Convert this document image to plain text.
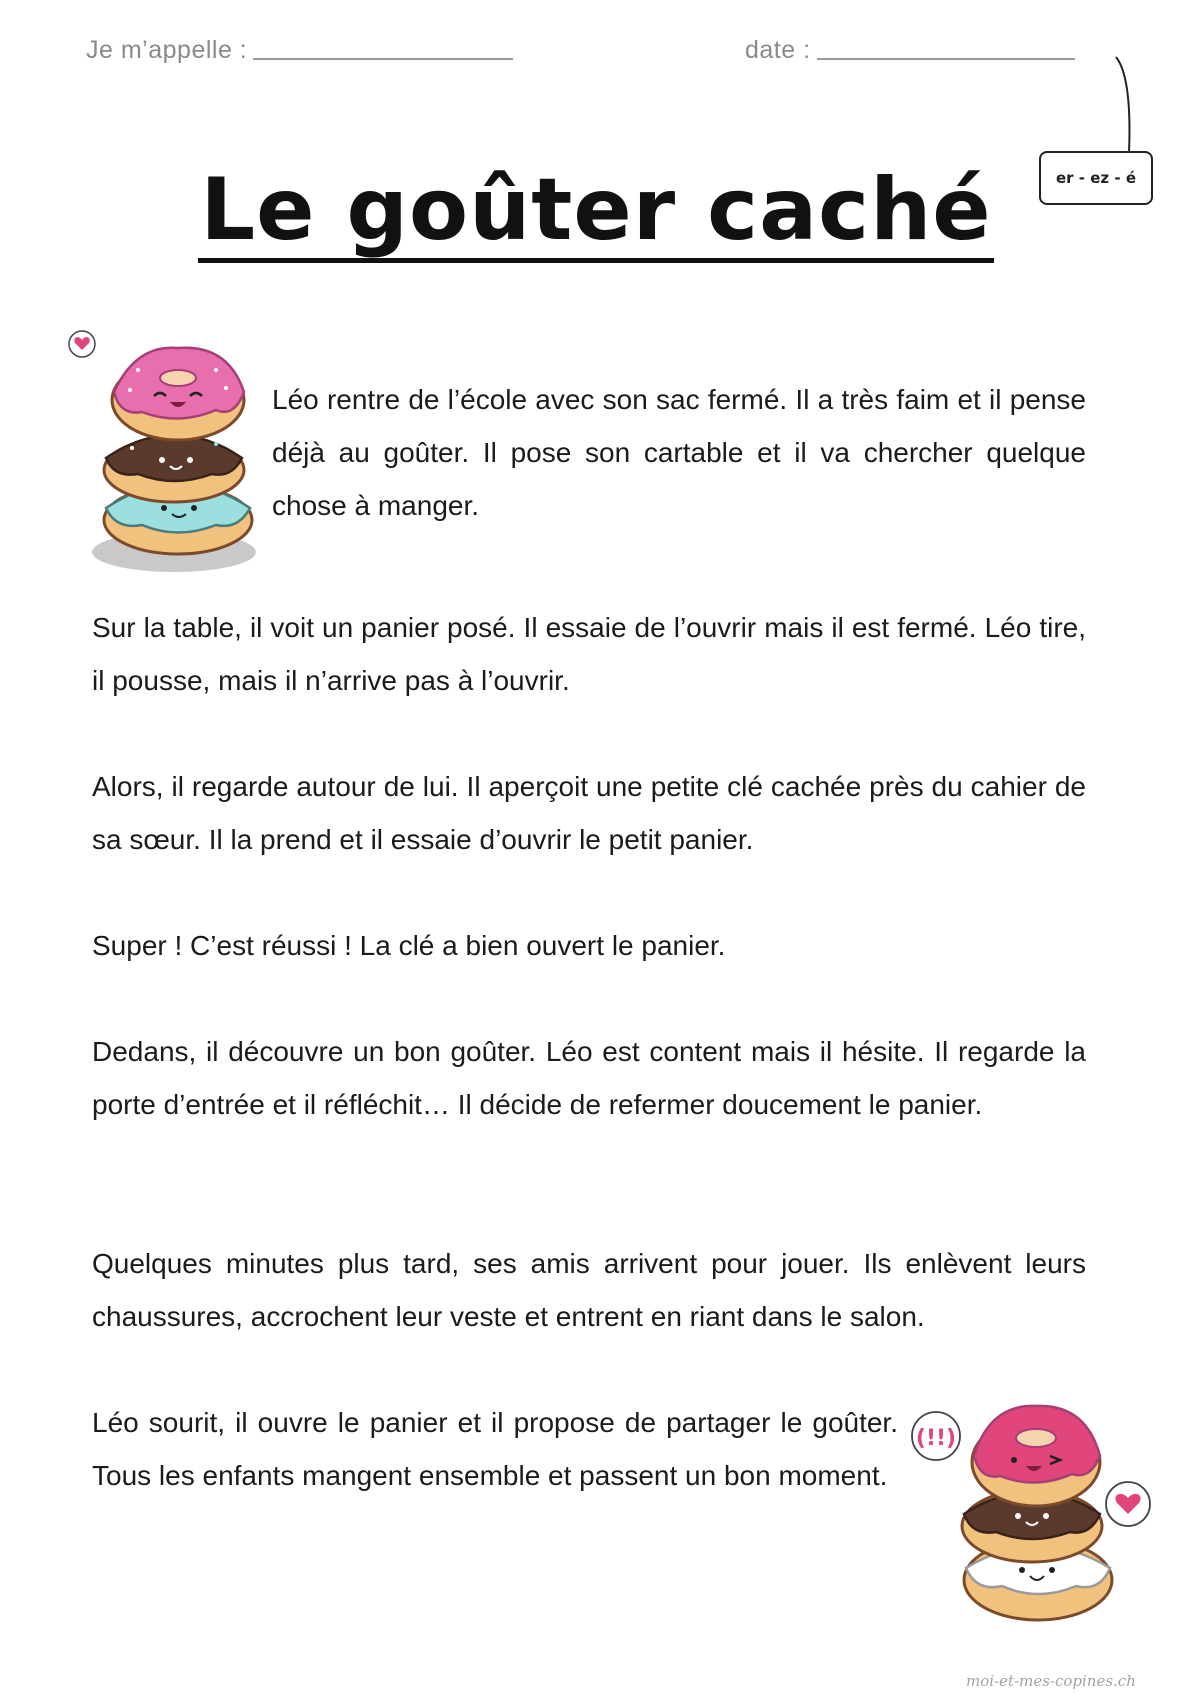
Je m’appelle :	date :
er - ez - é
Le goûter caché

Léo rentre de l’école avec son sac fermé. Il a très faim et il pense déjà au goûter. Il pose son cartable et il va chercher quelque chose à manger.

Sur la table, il voit un panier posé. Il essaie de l’ouvrir mais il est fermé. Léo tire, il pousse, mais il n’arrive pas à l’ouvrir.

Alors, il regarde autour de lui. Il aperçoit une petite clé cachée près du cahier de sa sœur. Il la prend et il essaie d’ouvrir le petit panier.

Super ! C’est réussi ! La clé a bien ouvert le panier.

Dedans, il découvre un bon goûter. Léo est content mais il hésite. Il regarde la porte d’entrée et il réfléchit… Il décide de refermer doucement le panier.

Quelques minutes plus tard, ses amis arrivent pour jouer. Ils enlèvent leurs chaussures, accrochent leur veste et entrent en riant dans le salon.

Léo sourit, il ouvre le panier et il propose de partager le goûter. Tous les enfants mangent ensemble et passent un bon moment.

(!!)
moi-et-mes-copines.ch
